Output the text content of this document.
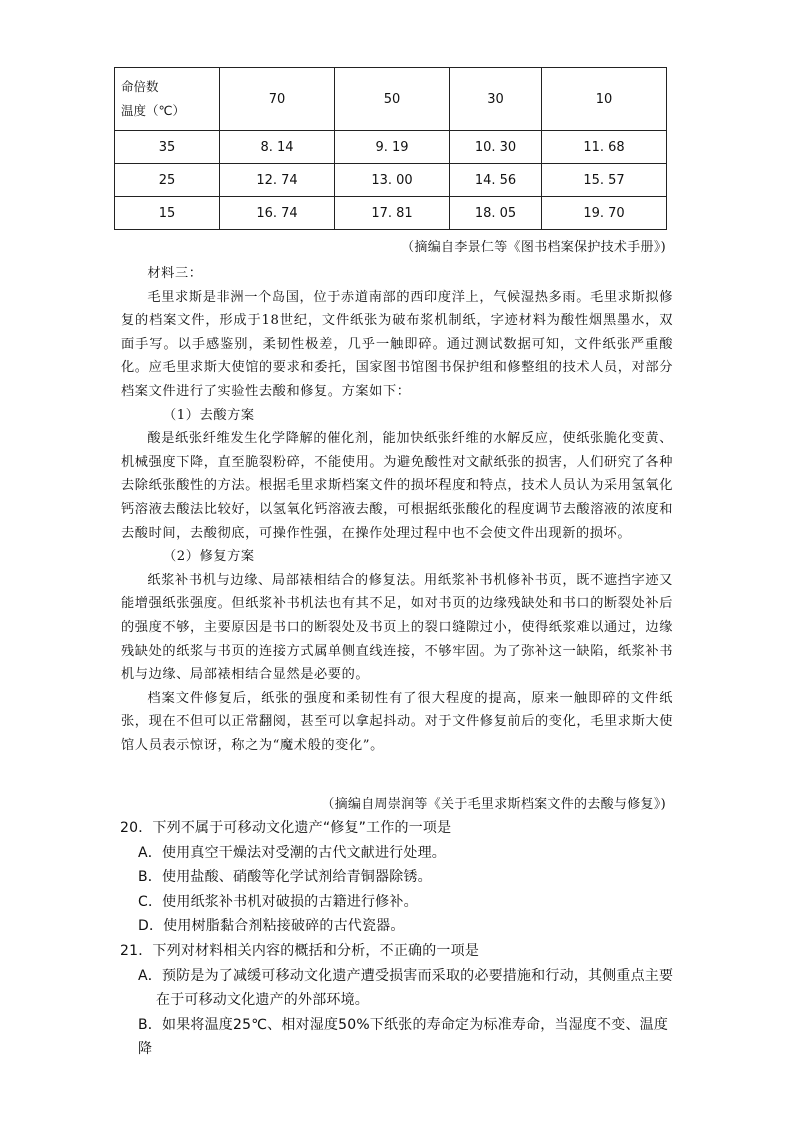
命倍数
温度（℃）	70	50	30	10
35	8. 14	9. 19	10. 30	11. 68
25	12. 74	13. 00	14. 56	15. 57
15	16. 74	17. 81	18. 05	19. 70
（摘编自李景仁等《图书档案保护技术手册》)

材料三：

毛里求斯是非洲一个岛国，位于赤道南部的西印度洋上，气候湿热多雨。毛里求斯拟修复的档案文件，形成于18世纪，文件纸张为破布浆机制纸，字迹材料为酸性烟黑墨水，双面手写。以手感鉴别，柔韧性极差，几乎一触即碎。通过测试数据可知，文件纸张严重酸化。应毛里求斯大使馆的要求和委托，国家图书馆图书保护组和修整组的技术人员，对部分档案文件进行了实验性去酸和修复。方案如下：

（1）去酸方案

酸是纸张纤维发生化学降解的催化剂，能加快纸张纤维的水解反应，使纸张脆化变黄、机械强度下降，直至脆裂粉碎，不能使用。为避免酸性对文献纸张的损害，人们研究了各种去除纸张酸性的方法。根据毛里求斯档案文件的损坏程度和特点，技术人员认为采用氢氧化钙溶液去酸法比较好，以氢氧化钙溶液去酸，可根据纸张酸化的程度调节去酸溶液的浓度和去酸时间，去酸彻底，可操作性强，在操作处理过程中也不会使文件出现新的损坏。

（2）修复方案

纸浆补书机与边缘、局部裱相结合的修复法。用纸浆补书机修补书页，既不遮挡字迹又能增强纸张强度。但纸浆补书机法也有其不足，如对书页的边缘残缺处和书口的断裂处补后的强度不够，主要原因是书口的断裂处及书页上的裂口缝隙过小，使得纸浆难以通过，边缘残缺处的纸浆与书页的连接方式属单侧直线连接，不够牢固。为了弥补这一缺陷，纸浆补书机与边缘、局部裱相结合显然是必要的。

档案文件修复后，纸张的强度和柔韧性有了很大程度的提高，原来一触即碎的文件纸张，现在不但可以正常翻阅，甚至可以拿起抖动。对于文件修复前后的变化，毛里求斯大使馆人员表示惊讶，称之为“魔术般的变化”。

（摘编自周崇润等《关于毛里求斯档案文件的去酸与修复》)

20．下列不属于可移动文化遗产“修复”工作的一项是

A．使用真空干燥法对受潮的古代文献进行处理。

B．使用盐酸、硝酸等化学试剂给青铜器除锈。

C．使用纸浆补书机对破损的古籍进行修补。

D．使用树脂黏合剂粘接破碎的古代瓷器。

21．下列对材料相关内容的概括和分析，不正确的一项是

A．预防是为了减缓可移动文化遗产遭受损害而采取的必要措施和行动，其侧重点主要

在于可移动文化遗产的外部环境。

B．如果将温度25℃、相对湿度50%下纸张的寿命定为标准寿命，当湿度不变、温度降
